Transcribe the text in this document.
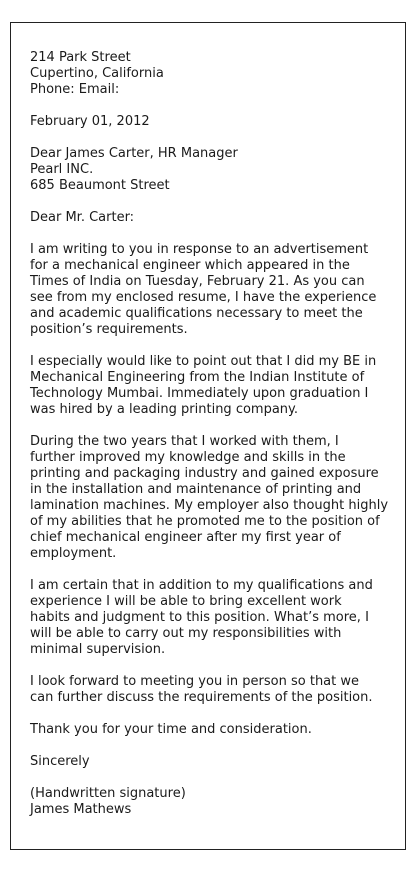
214 Park Street
Cupertino, California
Phone: Email:
February 01, 2012
Dear James Carter, HR Manager
Pearl INC.
685 Beaumont Street
Dear Mr. Carter:
I am writing to you in response to an advertisement
for a mechanical engineer which appeared in the
Times of India on Tuesday, February 21. As you can
see from my enclosed resume, I have the experience
and academic qualifications necessary to meet the
position’s requirements.
I especially would like to point out that I did my BE in
Mechanical Engineering from the Indian Institute of
Technology Mumbai. Immediately upon graduation I
was hired by a leading printing company.
During the two years that I worked with them, I
further improved my knowledge and skills in the
printing and packaging industry and gained exposure
in the installation and maintenance of printing and
lamination machines. My employer also thought highly
of my abilities that he promoted me to the position of
chief mechanical engineer after my first year of
employment.
I am certain that in addition to my qualifications and
experience I will be able to bring excellent work
habits and judgment to this position. What’s more, I
will be able to carry out my responsibilities with
minimal supervision.
I look forward to meeting you in person so that we
can further discuss the requirements of the position.
Thank you for your time and consideration.
Sincerely
(Handwritten signature)
James Mathews
